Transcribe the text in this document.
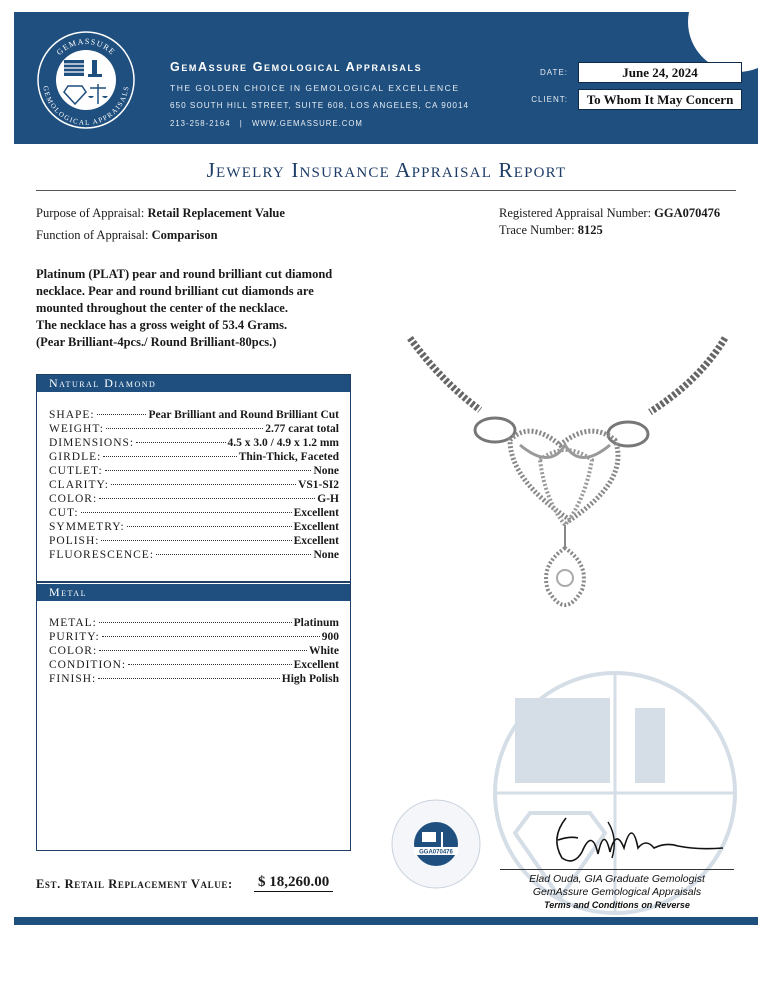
GEMASSURE
GEMOLOGICAL APPRAISALS
GemAssure Gemological Appraisals
THE GOLDEN CHOICE IN GEMOLOGICAL EXCELLENCE
650 SOUTH HILL STREET, SUITE 608, LOS ANGELES, CA 90014
213-258-2164 | WWW.GEMASSURE.COM
DATE:	June 24, 2024
CLIENT:	To Whom It May Concern
Jewelry Insurance Appraisal Report
Purpose of Appraisal: Retail Replacement Value
Function of Appraisal: Comparison
Registered Appraisal Number: GGA070476
Trace Number: 8125
Platinum (PLAT) pear and round brilliant cut diamond
necklace. Pear and round brilliant cut diamonds are
mounted throughout the center of the necklace.
The necklace has a gross weight of 53.4 Grams.
(Pear Brilliant-4pcs./ Round Brilliant-80pcs.)
Natural Diamond
SHAPE:	Pear Brilliant and Round Brilliant Cut
WEIGHT:	2.77 carat total
DIMENSIONS:	4.5 x 3.0 / 4.9 x 1.2 mm
GIRDLE:	Thin-Thick, Faceted
CUTLET:	None
CLARITY:	VS1-SI2
COLOR:	G-H
CUT:	Excellent
SYMMETRY:	Excellent
POLISH:	Excellent
FLUORESCENCE:	None
Metal
METAL:	Platinum
PURITY:	900
COLOR:	White
CONDITION:	Excellent
FINISH:	High Polish
GGA070476
Elad Ouda, GIA Graduate Gemologist
GemAssure Gemological Appraisals
Terms and Conditions on Reverse
Est. Retail Replacement Value: $ 18,260.00
